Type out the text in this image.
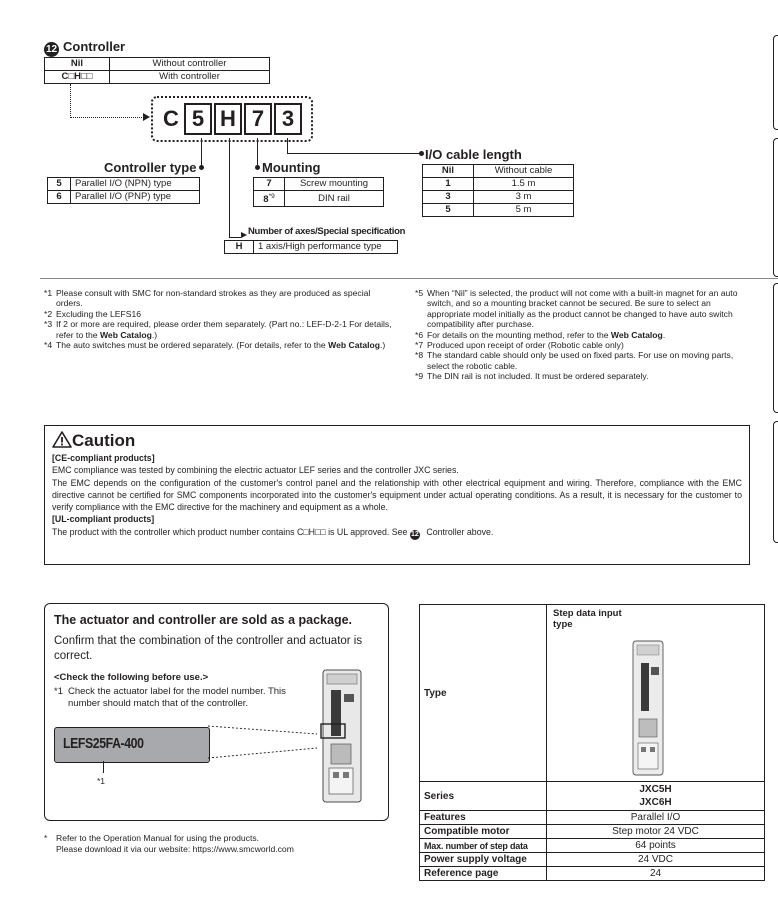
12 Controller
Nil	Without controller
C□H□□	With controller
C 5 H 7 3
Controller type
5	Parallel I/O (NPN) type
6	Parallel I/O (PNP) type
Mounting
7	Screw mounting
8$^{*9}$	DIN rail
Number of axes/Special specification
H	1 axis/High performance type
I/O cable length
Nil	Without cable
1	1.5 m
3	3 m
5	5 m
*1 Please consult with SMC for non-standard strokes as they are produced as special orders.
*2 Excluding the LEFS16
*3 If 2 or more are required, please order them separately. (Part no.: LEF-D-2-1 For details, refer to the Web Catalog.)
*4 The auto switches must be ordered separately. (For details, refer to the Web Catalog.)
*5 When “Nil” is selected, the product will not come with a built-in magnet for an auto switch, and so a mounting bracket cannot be secured. Be sure to select an appropriate model initially as the product cannot be changed to have auto switch compatibility after purchase.
*6 For details on the mounting method, refer to the Web Catalog.
*7 Produced upon receipt of order (Robotic cable only)
*8 The standard cable should only be used on fixed parts. For use on moving parts, select the robotic cable.
*9 The DIN rail is not included. It must be ordered separately.
Caution
[CE-compliant products]
EMC compliance was tested by combining the electric actuator LEF series and the controller JXC series.
The EMC depends on the configuration of the customer's control panel and the relationship with other electrical equipment and wiring. Therefore, compliance with the EMC directive cannot be certified for SMC components incorporated into the customer's equipment under actual operating conditions. As a result, it is necessary for the customer to verify compliance with the EMC directive for the machinery and equipment as a whole.
[UL-compliant products]
The product with the controller which product number contains C□H□□ is UL approved. See 12 Controller above.
The actuator and controller are sold as a package.
Confirm that the combination of the controller and actuator is correct.
<Check the following before use.>
*1 Check the actuator label for the model number. This number should match that of the controller.
LEFS25FA-400
*1
*	Refer to the Operation Manual for using the products.
Please download it via our website: https://www.smcworld.com
Type	Step data input type

Series	JXC5H
JXC6H
Features	Parallel I/O
Compatible motor	Step motor 24 VDC
Max. number of step data	64 points
Power supply voltage	24 VDC
Reference page	24
